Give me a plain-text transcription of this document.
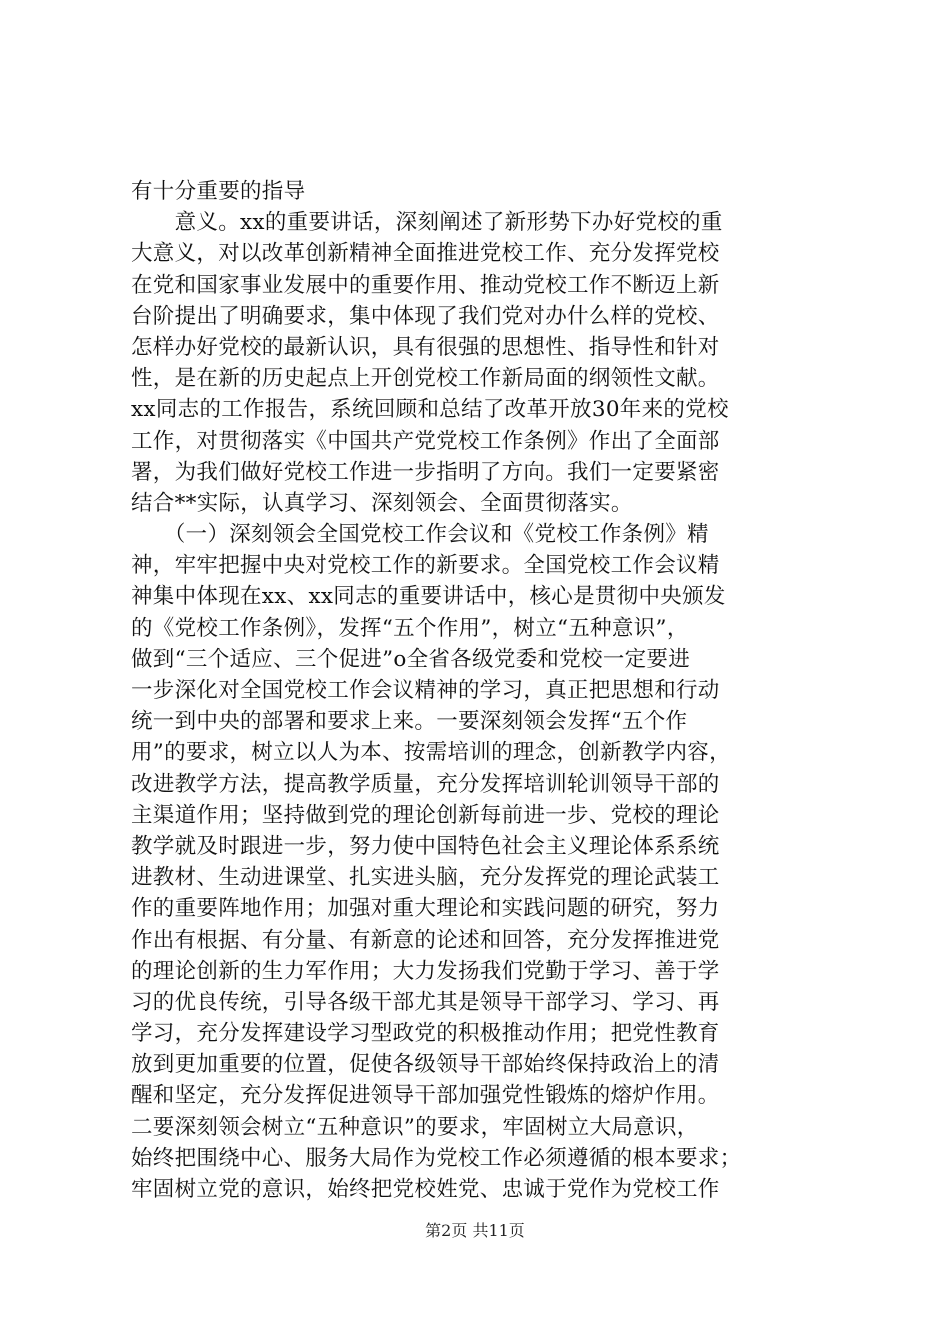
有十分重要的指导
　　意义。xx的重要讲话，深刻阐述了新形势下办好党校的重
大意义，对以改革创新精神全面推进党校工作、充分发挥党校
在党和国家事业发展中的重要作用、推动党校工作不断迈上新
台阶提出了明确要求，集中体现了我们党对办什么样的党校、
怎样办好党校的最新认识，具有很强的思想性、指导性和针对
性，是在新的历史起点上开创党校工作新局面的纲领性文献。
xx同志的工作报告，系统回顾和总结了改革开放30年来的党校
工作，对贯彻落实《中国共产党党校工作条例》作出了全面部
署，为我们做好党校工作进一步指明了方向。我们一定要紧密
结合**实际，认真学习、深刻领会、全面贯彻落实。
　　（一）深刻领会全国党校工作会议和《党校工作条例》精
神，牢牢把握中央对党校工作的新要求。全国党校工作会议精
神集中体现在xx、xx同志的重要讲话中，核心是贯彻中央颁发
的《党校工作条例》，发挥“五个作用”，树立“五种意识”，
做到“三个适应、三个促进”o全省各级党委和党校一定要进
一步深化对全国党校工作会议精神的学习，真正把思想和行动
统一到中央的部署和要求上来。一要深刻领会发挥“五个作
用”的要求，树立以人为本、按需培训的理念，创新教学内容，
改进教学方法，提高教学质量，充分发挥培训轮训领导干部的
主渠道作用；坚持做到党的理论创新每前进一步、党校的理论
教学就及时跟进一步，努力使中国特色社会主义理论体系系统
进教材、生动进课堂、扎实进头脑，充分发挥党的理论武装工
作的重要阵地作用；加强对重大理论和实践问题的研究，努力
作出有根据、有分量、有新意的论述和回答，充分发挥推进党
的理论创新的生力军作用；大力发扬我们党勤于学习、善于学
习的优良传统，引导各级干部尤其是领导干部学习、学习、再
学习，充分发挥建设学习型政党的积极推动作用；把党性教育
放到更加重要的位置，促使各级领导干部始终保持政治上的清
醒和坚定，充分发挥促进领导干部加强党性锻炼的熔炉作用。
二要深刻领会树立“五种意识”的要求，牢固树立大局意识，
始终把围绕中心、服务大局作为党校工作必须遵循的根本要求；
牢固树立党的意识，始终把党校姓党、忠诚于党作为党校工作
第2页 共11页
